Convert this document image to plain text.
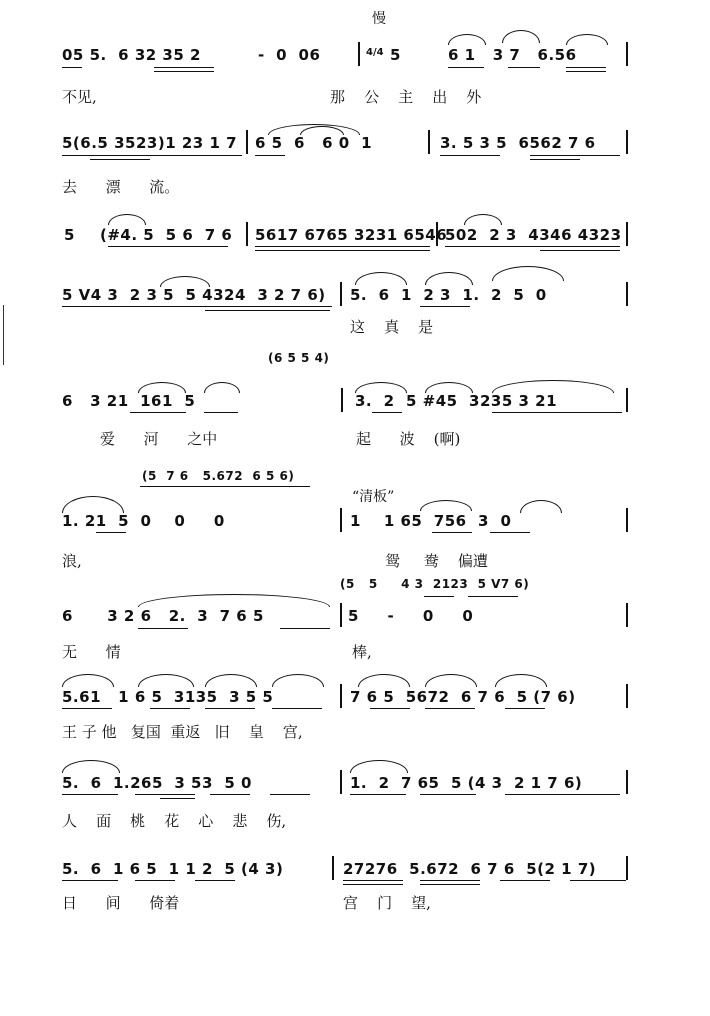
慢
“清板”
4/4
05 5.  6 32 35 2	-  0  06	5	6 1   3 7   6.56
不见,	那    公    主    出    外
5(6.5 3523)1 23 1 7 6 5  6   6 0  1	3. 5 3 5  6562 7 6
去      漂      流。
5 (#4. 5  5 6  7 6 5617 6765 3231 6546
502  2 3  4346 4323
5 V4 3  2 3 5  5 4324  3 2 7 6) 5.  6  1  2 3  1.  2  5  0
这    真    是
(6 5 5 4)
6   3 21  161  5	3.  2  5 #45  3235 3 21
爱      河      之中	起      波    (啊)
(5  7 6   5.672  6 5 6)
1. 21  5  0    0     0	1    1 65  756  3  0
浪,	鸳     鸯    偏遭
(5   5     4 3  2123  5 V7 6)
6      3 2 6   2.  3  7 6 5	5     -     0     0
无      情	棒,
5.61   1 6 5  3135  3 5 5	7 6 5  5672  6 7 6  5 (7 6)
王 子 他   复国  重返   旧    皇    宫,
5.  6  1.265  3 53  5 0	1.  2  7 65  5 (4 3  2 1 7 6)
人    面    桃    花    心    悲    伤,
5.  6  1 6 5  1 1 2  5 (4 3)	27276  5.672  6 7 6  5(2 1 7)
日      间      倚着	宫    门    望,
